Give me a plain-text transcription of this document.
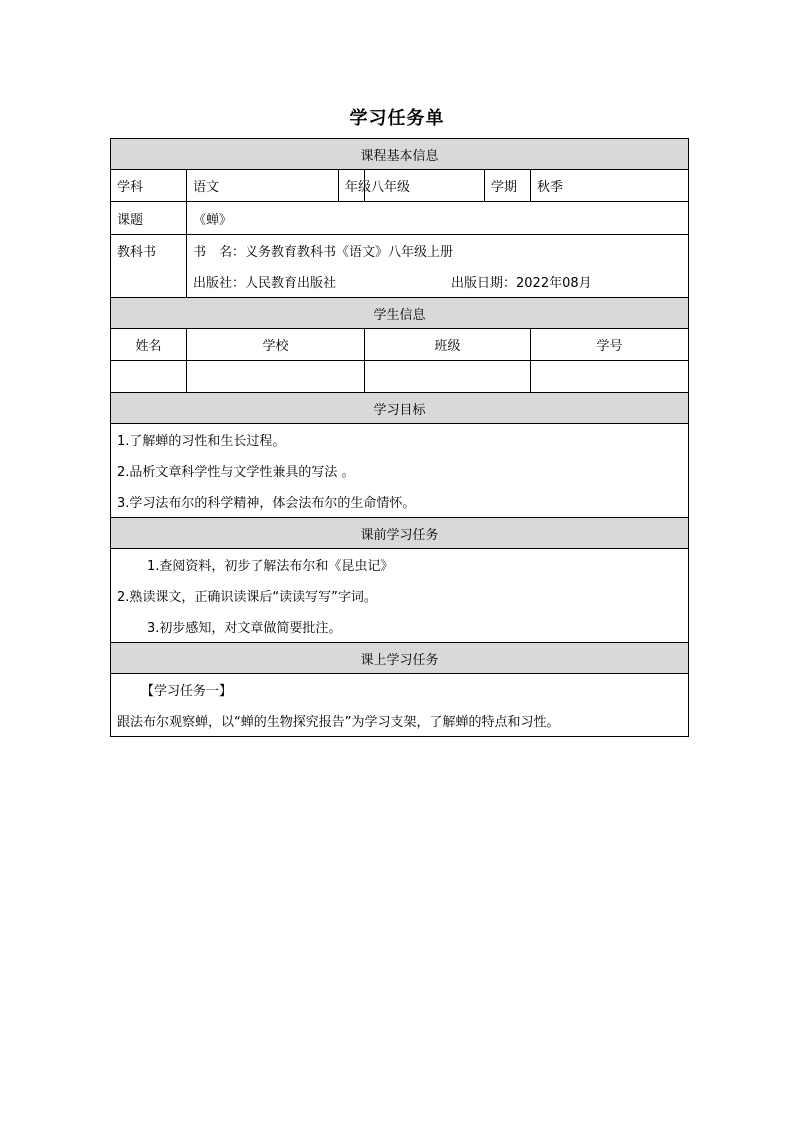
学习任务单
课程基本信息					
学科	语文	年级	八年级	学期	秋季
课题	《蝉》				

教科书	书　名： 义务教育教科书《语文》八年级上册
出版社：人民教育出版社 出版日期： 2022年08月				

学生信息					
姓名	学校		班级		学号

学习目标					

1.了解蝉的习性和生长过程。
2.品析文章科学性与文学性兼具的写法 。
3.学习法布尔的科学精神，体会法布尔的生命情怀。					

课前学习任务					

1.查阅资料，初步了解法布尔和《昆虫记》
2.熟读课文，正确识读课后“读读写写”字词。
3.初步感知，对文章做简要批注。					

课上学习任务					

【学习任务一】
跟法布尔观察蝉，以“蝉的生物探究报告”为学习支架，了解蝉的特点和习性。					
